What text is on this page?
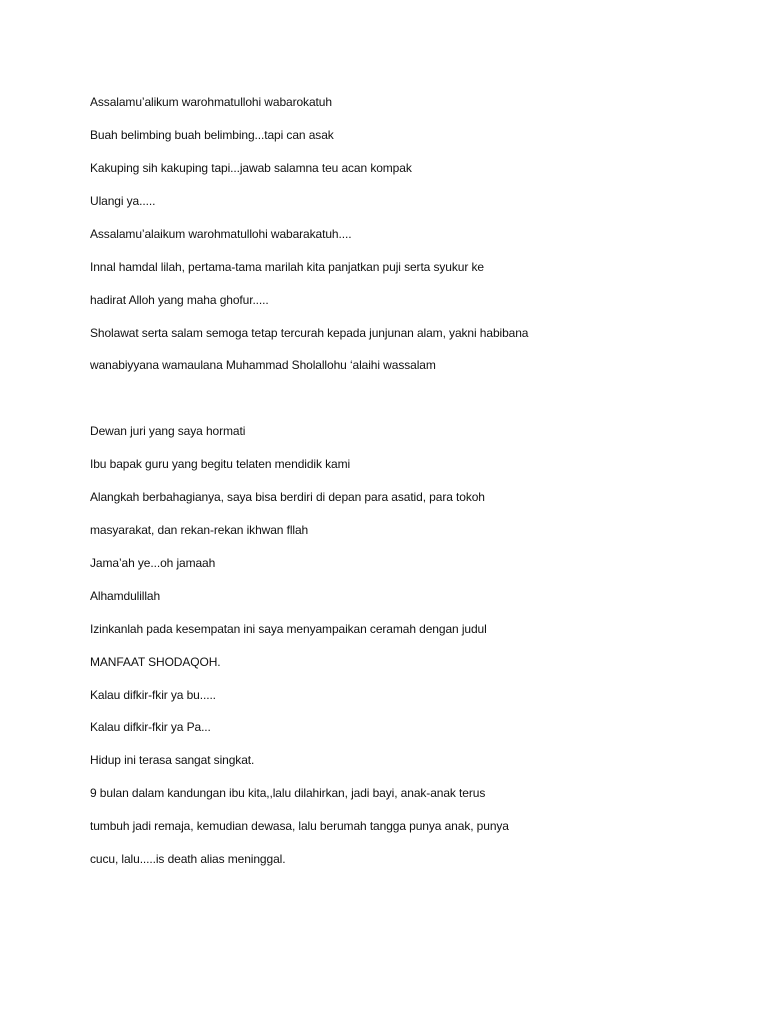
Assalamu’alikum warohmatullohi wabarokatuh

Buah belimbing buah belimbing...tapi can asak

Kakuping sih kakuping tapi...jawab salamna teu acan kompak

Ulangi ya.....

Assalamu’alaikum warohmatullohi wabarakatuh....

Innal hamdal lilah, pertama-tama marilah kita panjatkan puji serta syukur ke

hadirat Alloh yang maha ghofur.....

Sholawat serta salam semoga tetap tercurah kepada junjunan alam, yakni habibana

wanabiyyana wamaulana Muhammad Sholallohu ‘alaihi wassalam

Dewan juri yang saya hormati

Ibu bapak guru yang begitu telaten mendidik kami

Alangkah berbahagianya, saya bisa berdiri di depan para asatid, para tokoh

masyarakat, dan rekan-rekan ikhwan fllah

Jama’ah ye...oh jamaah

Alhamdulillah

Izinkanlah pada kesempatan ini saya menyampaikan ceramah dengan judul

MANFAAT SHODAQOH.

Kalau difkir-fkir ya bu.....

Kalau difkir-fkir ya Pa...

Hidup ini terasa sangat singkat.

9 bulan dalam kandungan ibu kita,,lalu dilahirkan, jadi bayi, anak-anak terus

tumbuh jadi remaja, kemudian dewasa, lalu berumah tangga punya anak, punya

cucu, lalu.....is death alias meninggal.
